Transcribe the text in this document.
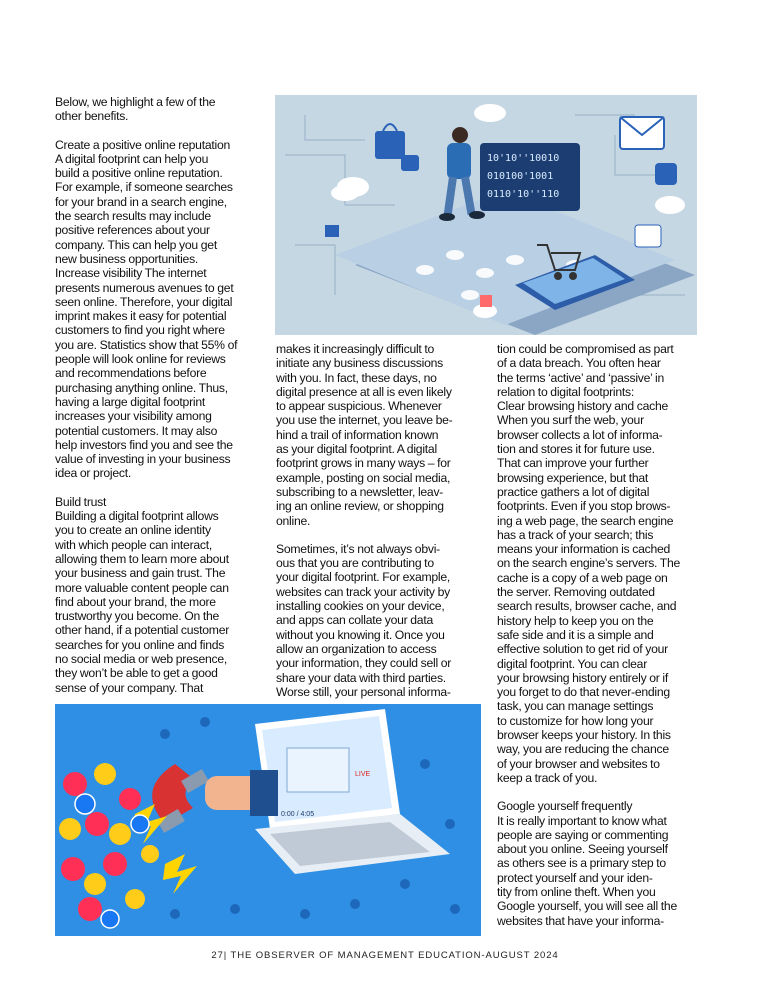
Below, we highlight a few of the
other benefits.

Create a positive online reputation
A digital footprint can help you
build a positive online reputation.
For example, if someone searches
for your brand in a search engine,
the search results may include
positive references about your
company. This can help you get
new business opportunities.
Increase visibility The internet
presents numerous avenues to get
seen online. Therefore, your digital
imprint makes it easy for potential
customers to find you right where
you are. Statistics show that 55% of
people will look online for reviews
and recommendations before
purchasing anything online. Thus,
having a large digital footprint
increases your visibility among
potential customers. It may also
help investors find you and see the
value of investing in your business
idea or project.

Build trust
Building a digital footprint allows
you to create an online identity
with which people can interact,
allowing them to learn more about
your business and gain trust. The
more valuable content people can
find about your brand, the more
trustworthy you become. On the
other hand, if a potential customer
searches for you online and finds
no social media or web presence,
they won’t be able to get a good
sense of your company. That

10'10''10010
010100'1001
0110'10''110

makes it increasingly difficult to
initiate any business discussions
with you. In fact, these days, no
digital presence at all is even likely
to appear suspicious. Whenever
you use the internet, you leave be-
hind a trail of information known
as your digital footprint. A digital
footprint grows in many ways – for
example, posting on social media,
subscribing to a newsletter, leav-
ing an online review, or shopping
online.

Sometimes, it’s not always obvi-
ous that you are contributing to
your digital footprint. For example,
websites can track your activity by
installing cookies on your device,
and apps can collate your data
without you knowing it. Once you
allow an organization to access
your information, they could sell or
share your data with third parties.
Worse still, your personal informa-

tion could be compromised as part
of a data breach. You often hear
the terms ‘active’ and ‘passive’ in
relation to digital footprints:
Clear browsing history and cache
When you surf the web, your
browser collects a lot of informa-
tion and stores it for future use.
That can improve your further
browsing experience, but that
practice gathers a lot of digital
footprints. Even if you stop brows-
ing a web page, the search engine
has a track of your search; this
means your information is cached
on the search engine’s servers. The
cache is a copy of a web page on
the server. Removing outdated
search results, browser cache, and
history help to keep you on the
safe side and it is a simple and
effective solution to get rid of your
digital footprint. You can clear
your browsing history entirely or if
you forget to do that never-ending
task, you can manage settings
to customize for how long your
browser keeps your history. In this
way, you are reducing the chance
of your browser and websites to
keep a track of you.

Google yourself frequently
It is really important to know what
people are saying or commenting
about you online. Seeing yourself
as others see is a primary step to
protect yourself and your iden-
tity from online theft. When you
Google yourself, you will see all the
websites that have your informa-

0:00 / 4:05
LIVE
27| THE OBSERVER OF MANAGEMENT EDUCATION-AUGUST 2024
